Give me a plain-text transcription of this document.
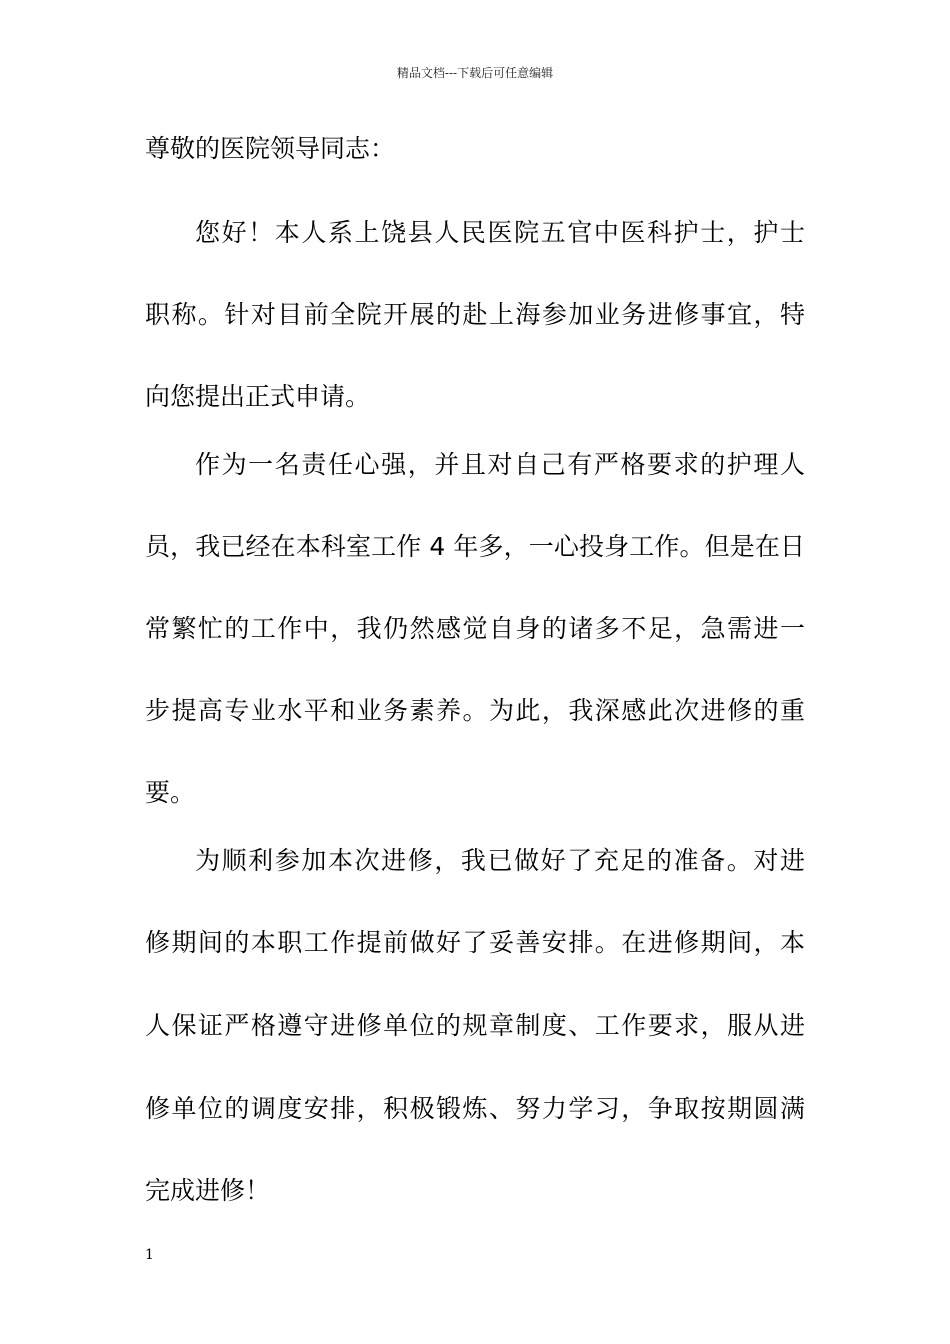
精品文档---下载后可任意编辑
尊敬的医院领导同志：
您好！本人系上饶县人民医院五官中医科护士，护士
职称。针对目前全院开展的赴上海参加业务进修事宜，特
向您提出正式申请。
作为一名责任心强，并且对自己有严格要求的护理人
员，我已经在本科室工作 4 年多，一心投身工作。但是在日
常繁忙的工作中，我仍然感觉自身的诸多不足，急需进一
步提高专业水平和业务素养。为此，我深感此次进修的重
要。
为顺利参加本次进修，我已做好了充足的准备。对进
修期间的本职工作提前做好了妥善安排。在进修期间，本
人保证严格遵守进修单位的规章制度、工作要求，服从进
修单位的调度安排，积极锻炼、努力学习，争取按期圆满
完成进修！
1
